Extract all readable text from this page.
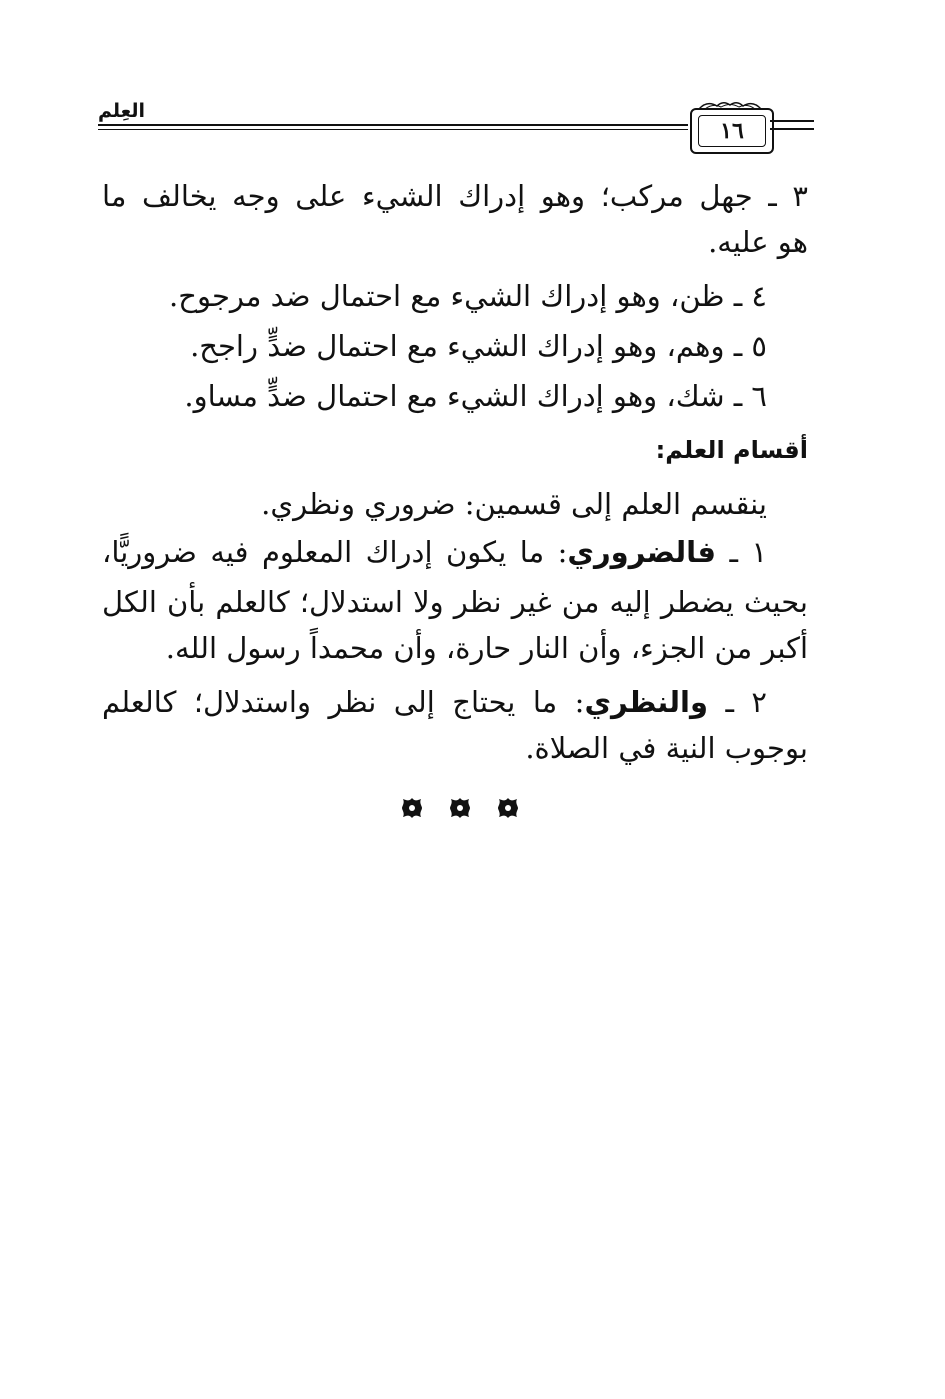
العِلم
١٦
٣ ـ جهل مركب؛ وهو إدراك الشيء على وجه يخالف ما
هو عليه.
٤ ـ ظن، وهو إدراك الشيء مع احتمال ضد مرجوح.
٥ ـ وهم، وهو إدراك الشيء مع احتمال ضدٍّ راجح.
٦ ـ شك، وهو إدراك الشيء مع احتمال ضدٍّ مساو.
أقسام العلم:
ينقسم العلم إلى قسمين: ضروري ونظري.
١ ـ فالضروري: ما يكون إدراك المعلوم فيه ضروريًّا،
بحيث يضطر إليه من غير نظر ولا استدلال؛ كالعلم بأن الكل
أكبر من الجزء، وأن النار حارة، وأن محمداً رسول الله.
٢ ـ والنظري: ما يحتاج إلى نظر واستدلال؛ كالعلم
بوجوب النية في الصلاة.
